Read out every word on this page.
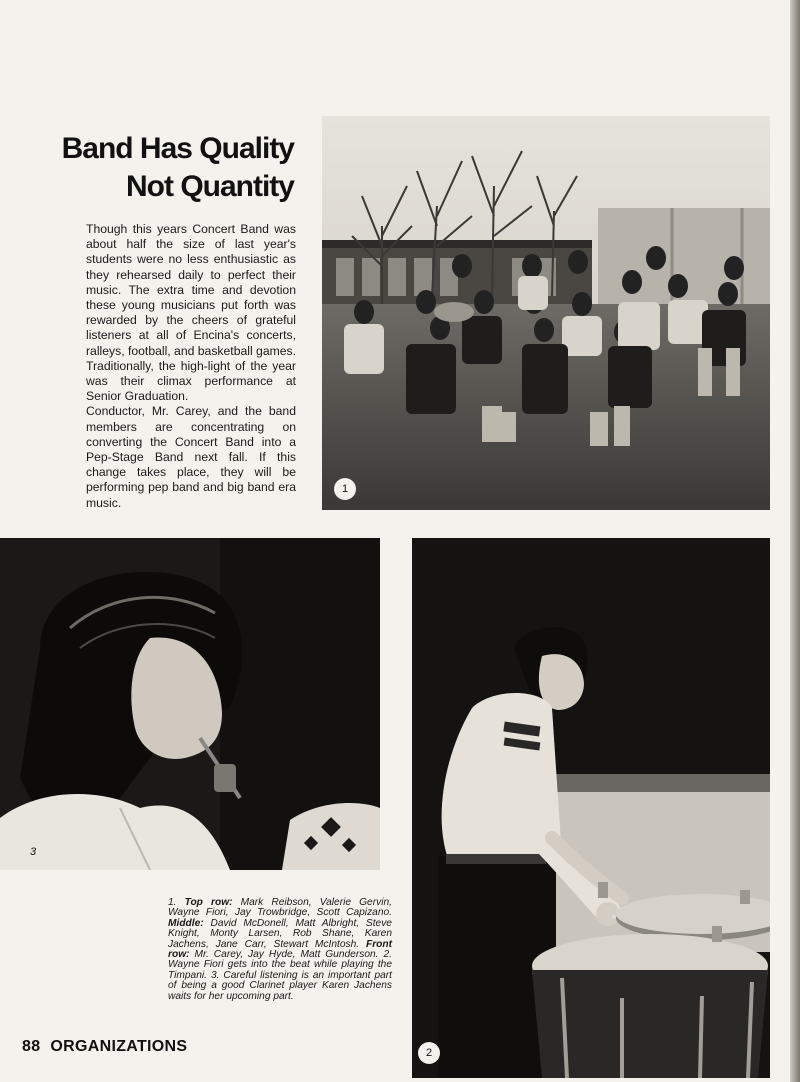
Band Has Quality
Not Quantity

Though this years Concert Band was about half the size of last year's students were no less enthusiastic as they rehearsed daily to perfect their music. The extra time and devotion these young musicians put forth was rewarded by the cheers of grateful listeners at all of Encina's concerts, ralleys, football, and basketball games. Traditionally, the high-light of the year was their climax performance at Senior Graduation.

Conductor, Mr. Carey, and the band members are concentrating on converting the Concert Band into a Pep-Stage Band next fall. If this change takes place, they will be performing pep band and big band era music.

1
3
2
1. Top row: Mark Reibson, Valerie Gervin, Wayne Fiori, Jay Trowbridge, Scott Capizano. Middle: David McDonell, Matt Albright, Steve Knight, Monty Larsen, Rob Shane, Karen Jachens, Jane Carr, Stewart McIntosh. Front row: Mr. Carey, Jay Hyde, Matt Gunderson. 2. Wayne Fiori gets into the beat while playing the Timpani. 3. Careful listening is an important part of being a good Clarinet player Karen Jachens waits for her upcoming part.
88 ORGANIZATIONS
